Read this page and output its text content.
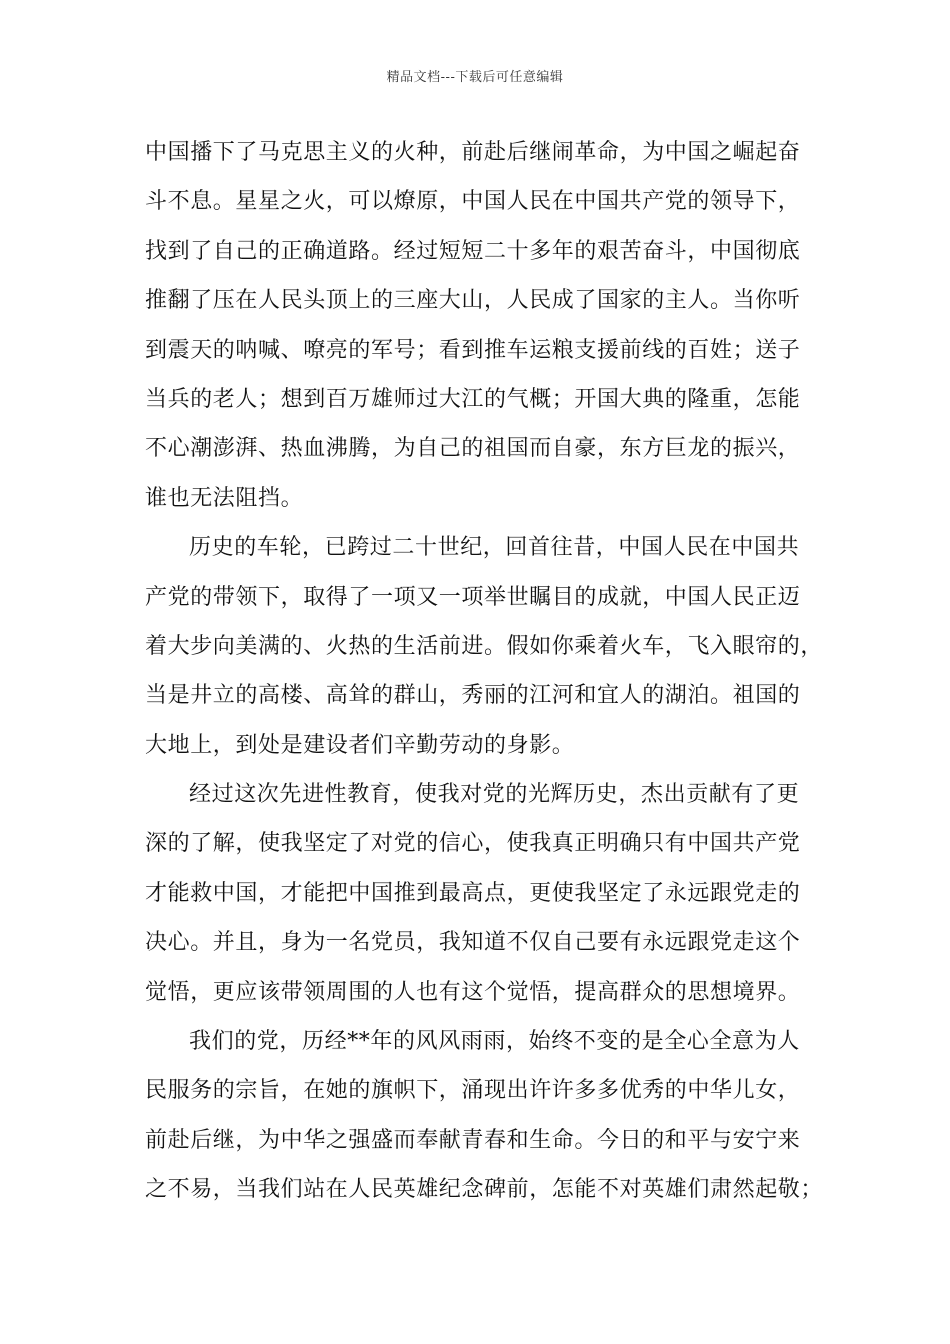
精品文档---下载后可任意编辑
中国播下了马克思主义的火种，前赴后继闹革命，为中国之崛起奋
斗不息。星星之火，可以燎原，中国人民在中国共产党的领导下，
找到了自己的正确道路。经过短短二十多年的艰苦奋斗，中国彻底
推翻了压在人民头顶上的三座大山，人民成了国家的主人。当你听
到震天的呐喊、嘹亮的军号；看到推车运粮支援前线的百姓；送子
当兵的老人；想到百万雄师过大江的气概；开国大典的隆重，怎能
不心潮澎湃、热血沸腾，为自己的祖国而自豪，东方巨龙的振兴，
谁也无法阻挡。
历史的车轮，已跨过二十世纪，回首往昔，中国人民在中国共
产党的带领下，取得了一项又一项举世瞩目的成就，中国人民正迈
着大步向美满的、火热的生活前进。假如你乘着火车，飞入眼帘的，
当是井立的高楼、高耸的群山，秀丽的江河和宜人的湖泊。祖国的
大地上，到处是建设者们辛勤劳动的身影。
经过这次先进性教育，使我对党的光辉历史，杰出贡献有了更
深的了解，使我坚定了对党的信心，使我真正明确只有中国共产党
才能救中国，才能把中国推到最高点，更使我坚定了永远跟党走的
决心。并且，身为一名党员，我知道不仅自己要有永远跟党走这个
觉悟，更应该带领周围的人也有这个觉悟，提高群众的思想境界。
我们的党，历经**年的风风雨雨，始终不变的是全心全意为人
民服务的宗旨，在她的旗帜下，涌现出许许多多优秀的中华儿女，
前赴后继，为中华之强盛而奉献青春和生命。今日的和平与安宁来
之不易，当我们站在人民英雄纪念碑前，怎能不对英雄们肃然起敬；
